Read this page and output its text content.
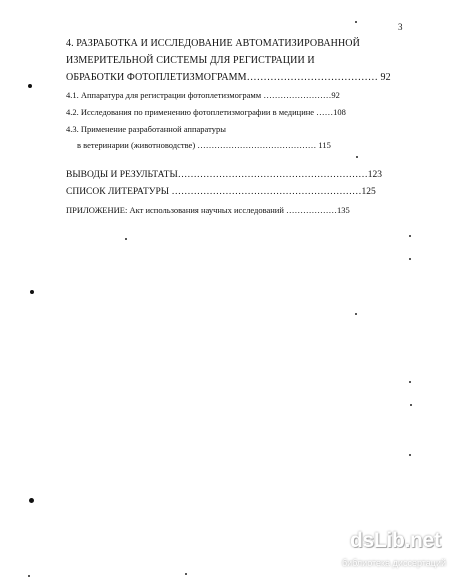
3
4. РАЗРАБОТКА И ИССЛЕДОВАНИЕ АВТОМАТИЗИРОВАННОЙ
ИЗМЕРИТЕЛЬНОЙ СИСТЕМЫ ДЛЯ РЕГИСТРАЦИИ И
ОБРАБОТКИ ФОТОПЛЕТИЗМОГРАММ………………………………… 92
4.1. Аппаратура для регистрации фотоплетизмограмм ……………………92
4.2. Исследования по применению фотоплетизмографии в медицине ……108
4.3. Применение разработанной аппаратуры
в ветеринарии (животноводстве) …………………………………… 115
ВЫВОДЫ И РЕЗУЛЬТАТЫ……………………………………………………123
СПИСОК ЛИТЕРАТУРЫ ……………………………………………………125
ПРИЛОЖЕНИЕ: Акт использования научных исследований ………………135
dsLib.net
библиотека диссертаций
